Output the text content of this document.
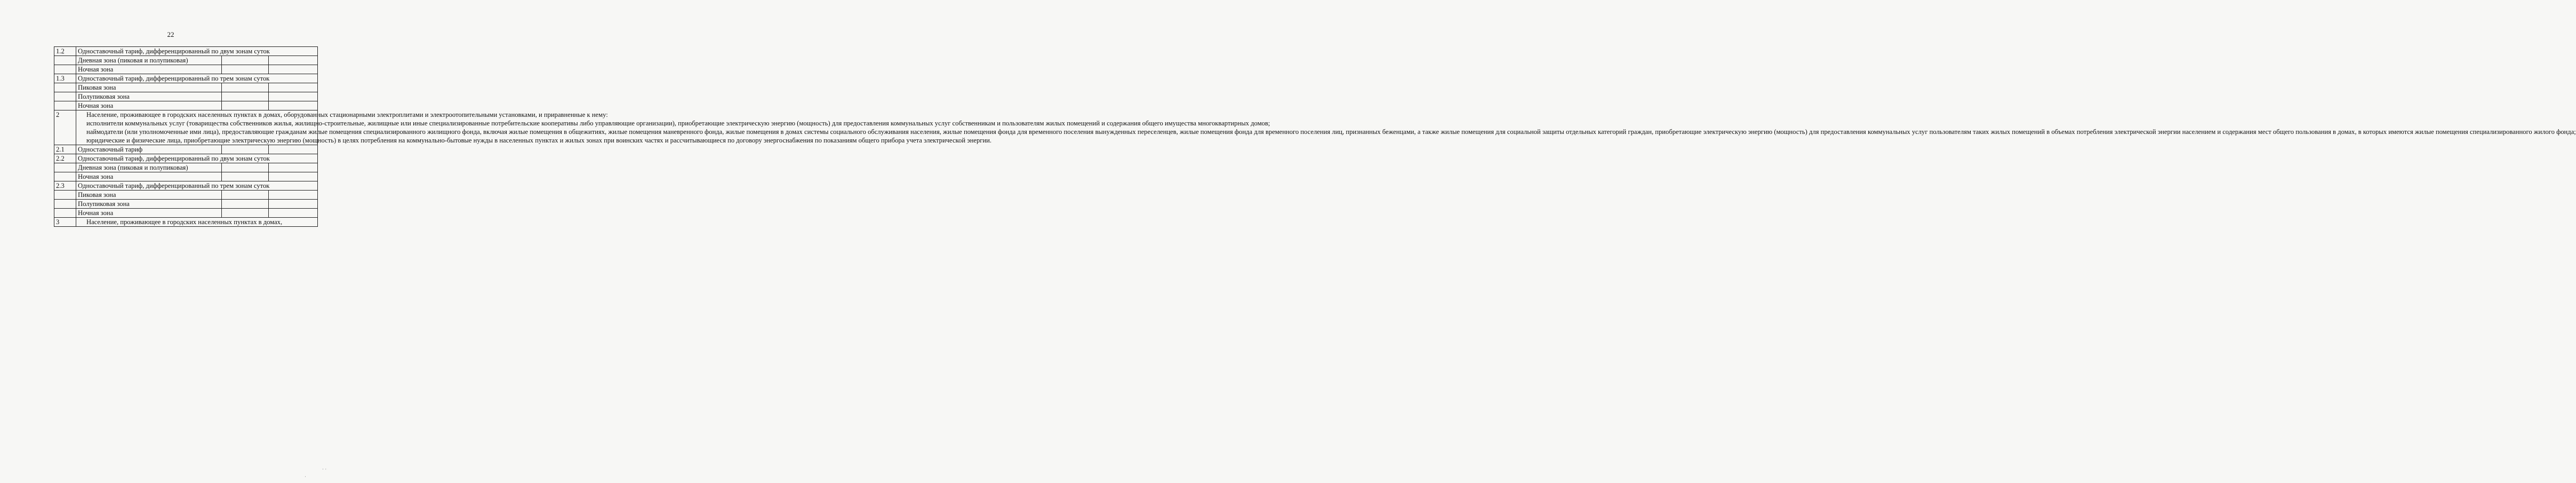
22
1.2	Одноставочный тариф, дифференцированный по двум зонам суток		
	Дневная зона (пиковая и полупиковая)		
	Ночная зона		
1.3	Одноставочный тариф, дифференцированный по трем зонам суток		
	Пиковая зона		
	Полупиковая зона		
	Ночная зона		
2	Население, проживающее в городских населенных пунктах в домах, оборудованных стационарными электроплитами и электроотопительными установками, и приравненные к нему:

исполнители коммунальных услуг (товарищества собственников жилья, жилищно-строительные, жилищные или иные специализированные потребительские кооперативы либо управляющие организации), приобретающие электрическую энергию (мощность) для предоставления коммунальных услуг собственникам и пользователям жилых помещений и содержания общего имущества многоквартирных домов;

наймодатели (или уполномоченные ими лица), предоставляющие гражданам жилые помещения специализированного жилищного фонда, включая жилые помещения в общежитиях, жилые помещения маневренного фонда, жилые помещения в домах системы социального обслуживания населения, жилые помещения фонда для временного поселения вынужденных переселенцев, жилые помещения фонда для временного поселения лиц, признанных беженцами, а также жилые помещения для социальной защиты отдельных категорий граждан, приобретающие электрическую энергию (мощность) для предоставления коммунальных услуг пользователям таких жилых помещений в объемах потребления электрической энергии населением и содержания мест общего пользования в домах, в которых имеются жилые помещения специализированного жилого фонда;

юридические и физические лица, приобретающие электрическую энергию (мощность) в целях потребления на коммунально-бытовые нужды в населенных пунктах и жилых зонах при воинских частях и рассчитывающиеся по договору энергоснабжения по показаниям общего прибора учета электрической энергии.		

2.1	Одноставочный тариф		
2.2	Одноставочный тариф, дифференцированный по двум зонам суток		
	Дневная зона (пиковая и полупиковая)		
	Ночная зона		
2.3	Одноставочный тариф, дифференцированный по трем зонам суток		
	Пиковая зона		
	Полупиковая зона		
	Ночная зона		
3	Население, проживающее в городских населенных пунктах в домах,		

· ·
·
